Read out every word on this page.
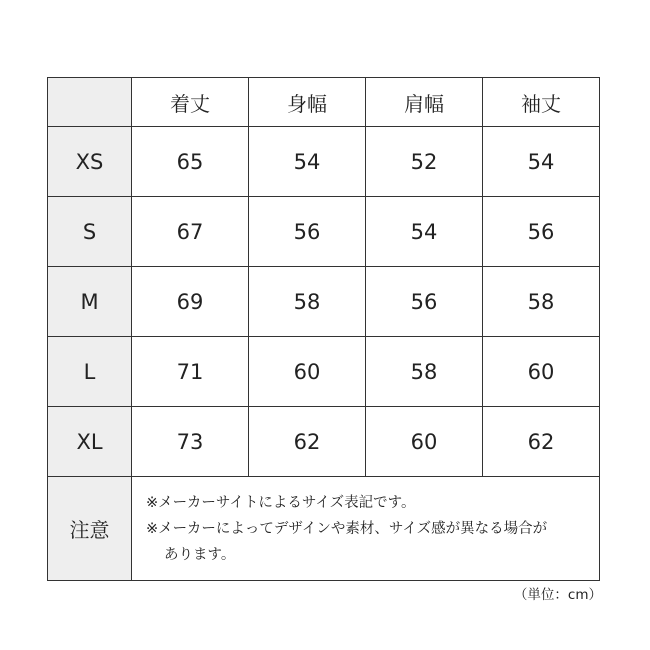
	着丈	身幅	肩幅	袖丈
XS	65	54	52	54
S	67	56	54	56
M	69	58	56	58
L	71	60	58	60
XL	73	62	60	62
注意	※メーカーサイトによるサイズ表記です。
※メーカーによってデザインや素材、サイズ感が異なる場合が
あります。			
（単位：cm）
